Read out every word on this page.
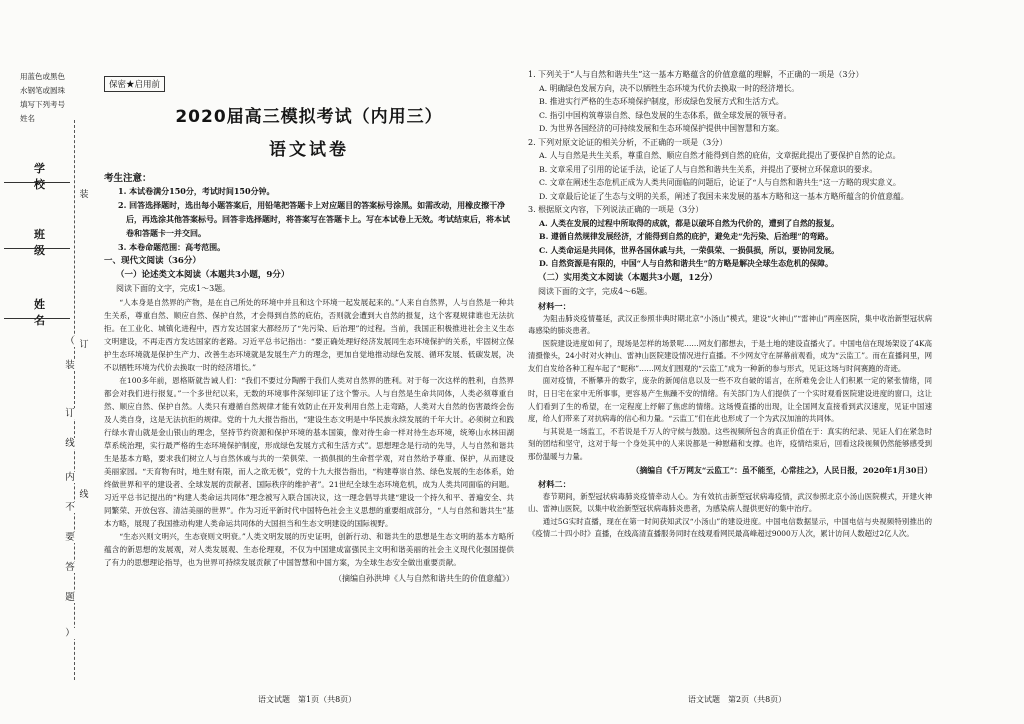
用蓝色或黑色
水钢笔或圆珠
填写下列考号
姓名
学　校
班　级
姓　名
（
装
订
线
内
不
要
答
题
）
装
订
线
保密★启用前
2020届高三模拟考试（内用三）
语文试卷
考生注意：
1. 本试卷满分150分，考试时间150分钟。
2. 回答选择题时，选出每小题答案后，用铅笔把答题卡上对应题目的答案标号涂黑。如需改动，用橡皮擦干净后，再选涂其他答案标号。回答非选择题时，将答案写在答题卡上。写在本试卷上无效。考试结束后，将本试卷和答题卡一并交回。
3. 本卷命题范围：高考范围。
一、现代文阅读（36分）
（一）论述类文本阅读（本题共3小题，9分）
阅读下面的文字，完成1～3题。

“人本身是自然界的产物，是在自己所处的环境中并且和这个环境一起发展起来的。”人来自自然界，人与自然是一种共生关系，尊重自然、顺应自然、保护自然，才会得到自然的庇佑，否则就会遭到大自然的报复，这个客观规律谁也无法抗拒。在工业化、城镇化进程中，西方发达国家大都经历了“先污染、后治理”的过程。当前，我国正积极推进社会主义生态文明建设，不再走西方发达国家的老路。习近平总书记指出：“要正确处理好经济发展同生态环境保护的关系，牢固树立保护生态环境就是保护生产力、改善生态环境就是发展生产力的理念，更加自觉地推动绿色发展、循环发展、低碳发展，决不以牺牲环境为代价去换取一时的经济增长。”

在100多年前，恩格斯就告诫人们：“我们不要过分陶醉于我们人类对自然界的胜利。对于每一次这样的胜利，自然界都会对我们进行报复。”一个多世纪以来，无数的环境事件深刻印证了这个警示。人与自然是生命共同体，人类必须尊重自然、顺应自然、保护自然。人类只有遵循自然规律才能有效防止在开发利用自然上走弯路，人类对大自然的伤害最终会伤及人类自身，这是无法抗拒的规律。党的十九大报告指出，“建设生态文明是中华民族永续发展的千年大计。必须树立和践行绿水青山就是金山银山的理念，坚持节约资源和保护环境的基本国策，像对待生命一样对待生态环境，统筹山水林田湖草系统治理，实行最严格的生态环境保护制度，形成绿色发展方式和生活方式”。思想理念是行动的先导，人与自然和谐共生是基本方略，要求我们树立人与自然休戚与共的一荣俱荣、一损俱损的生命哲学观，对自然给予尊重、保护，从而建设美丽家园。“天育物有时，地生财有限，而人之欲无极”，党的十九大报告指出，“构建尊崇自然、绿色发展的生态体系，始终做世界和平的建设者、全球发展的贡献者、国际秩序的维护者”。21世纪全球生态环境危机，成为人类共同面临的问题。习近平总书记提出的“构建人类命运共同体”理念被写入联合国决议，这一理念倡导共建“建设一个持久和平、普遍安全、共同繁荣、开放包容、清洁美丽的世界”。作为习近平新时代中国特色社会主义思想的重要组成部分，“人与自然和谐共生”基本方略，展现了我国推动构建人类命运共同体的大国担当和生态文明建设的国际视野。

“生态兴则文明兴，生态衰则文明衰。”人类文明发展的历史证明，创新行动、和谐共生的思想是生态文明的基本方略所蕴含的新思想的发展观，对人类发展观、生态伦理观，不仅为中国建成富强民主文明和谐美丽的社会主义现代化强国提供了有力的思想理论指导，也为世界可持续发展贡献了中国智慧和中国方案，为全球生态安全做出重要贡献。

（摘编自孙洪坤《人与自然和谐共生的价值意蕴》）
语文试题　第1页（共8页）
1. 下列关于“人与自然和谐共生”这一基本方略蕴含的价值意蕴的理解，不正确的一项是（3分）
A. 明确绿色发展方向，决不以牺牲生态环境为代价去换取一时的经济增长。
B. 推进实行严格的生态环境保护制度，形成绿色发展方式和生活方式。
C. 指引中国构筑尊崇自然、绿色发展的生态体系，做全球发展的领导者。
D. 为世界各国经济的可持续发展和生态环境保护提供中国智慧和方案。
2. 下列对原文论证的相关分析，不正确的一项是（3分）
A. 人与自然是共生关系，尊重自然、顺应自然才能得到自然的庇佑，文章据此提出了要保护自然的论点。
B. 文章采用了引用的论证手法，论证了人与自然和谐共生关系，并提出了要树立环保意识的要求。
C. 文章在阐述生态危机正成为人类共同面临的问题后，论证了“人与自然和谐共生”这一方略的现实意义。
D. 文章最后论证了生态与文明的关系，阐述了我国未来发展的基本方略和这一基本方略所蕴含的价值意蕴。
3. 根据原文内容，下列说法正确的一项是（3分）
A. 人类在发展的过程中所取得的成就，都是以破坏自然为代价的，遭到了自然的报复。
B. 遵循自然规律发展经济，才能得到自然的庇护，避免走“先污染、后治理”的弯路。
C. 人类命运是共同体，世界各国休戚与共，一荣俱荣、一损俱损，所以，要协同发展。
D. 自然资源是有限的，中国“人与自然和谐共生”的方略是解决全球生态危机的保障。
（二）实用类文本阅读（本题共3小题，12分）
阅读下面的文字，完成4～6题。
材料一：

为阻击肺炎疫情蔓延，武汉正参照非典时期北京“小汤山”模式，建设“火神山”“雷神山”两座医院，集中收治新型冠状病毒感染的肺炎患者。

医院建设进度如何了，现场是怎样的场景呢……网友们都想去，于是土地的建设直播火了。中国电信在现场架设了4K高清摄像头，24小时对火神山、雷神山医院建设情况进行直播。不少网友守在屏幕前观看，成为“云监工”。而在直播间里，网友们自发给各种工程车起了“昵称”……网友们围观的“云监工”成为一种新的参与形式，见证这场与时间赛跑的奇迹。

面对疫情，不断攀升的数字，庞杂的新闻信息以及一些不攻自破的谣言，在所难免会让人们积累一定的紧张情绪，同时，日日宅在家中无所事事，更容易产生焦躁不安的情绪。有关部门为人们提供了一个实时观看医院建设进度的窗口，这让人们看到了生的希望，在一定程度上纾解了焦虑的情绪。这场慢直播的出现，让全国网友直接看到武汉速度，见证中国速度，给人们带来了对抗病毒的信心和力量。“云监工”们在此也形成了一个为武汉加油的共同体。

与其说是一场监工，不若说是千万人的守候与鼓励。这些视频所包含的真正价值在于：真实的纪录、见证人们在紧急时刻的团结和坚守，这对于每一个身处其中的人来说都是一种慰藉和支撑。也许，疫情结束后，回看这段视频仍然能够感受到那份温暖与力量。

（摘编自《千万网友“云监工”：虽不能至，心常挂之》，人民日报，2020年1月30日）
材料二：

春节期间，新型冠状病毒肺炎疫情牵动人心。为有效抗击新型冠状病毒疫情，武汉参照北京小汤山医院模式，开建火神山、雷神山医院，以集中收治新型冠状病毒肺炎患者，为感染病人提供更好的集中治疗。

通过5G实时直播，现在在第一时间获知武汉“小汤山”的建设进度。中国电信数据显示，中国电信与央视频特别推出的《疫情二十四小时》直播，在线高清直播服务同时在线观看网民最高峰超过9000万人次，累计访问人数超过2亿人次。

语文试题　第2页（共8页）
